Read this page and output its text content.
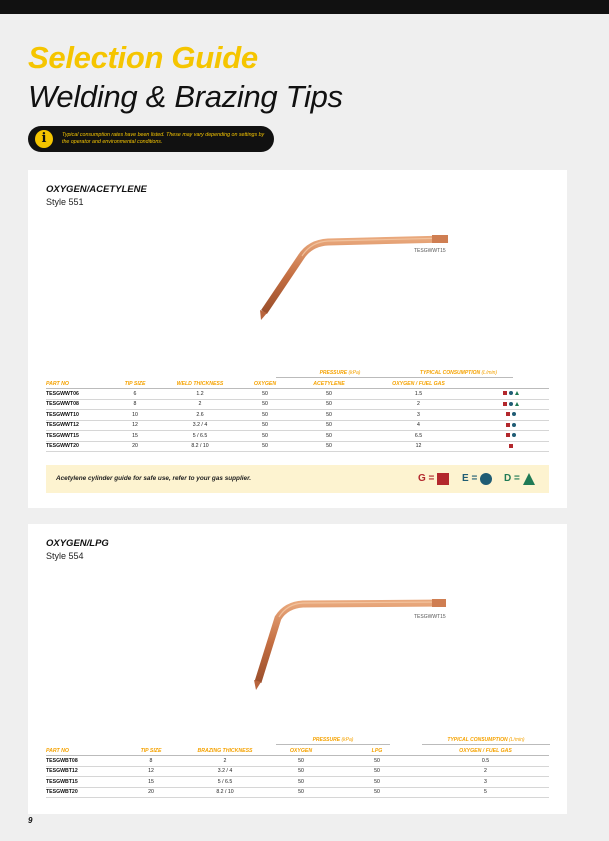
Selection Guide
Welding & Brazing Tips
i	Typical consumption rates have been listed. These may vary depending on settings by the operator and environmental conditions.
OXYGEN/ACETYLENE
Style 551
TESGWWT15
PRESSURE (kPa)	TYPICAL CONSUMPTION (L/min)
PART NO	TIP SIZE	WELD THICKNESS	OXYGEN	ACETYLENE	OXYGEN / FUEL GAS	
TESGWWT06	6	1.2	50	50	1.5	
TESGWWT08	8	2	50	50	2	
TESGWWT10	10	2.6	50	50	3	
TESGWWT12	12	3.2 / 4	50	50	4	
TESGWWT15	15	5 / 6.5	50	50	6.5	
TESGWWT20	20	8.2 / 10	50	50	12	
Acetylene cylinder guide for safe use, refer to your gas supplier.	G =	E =	D =
OXYGEN/LPG
Style 554
TESGWWT15
PRESSURE (kPa)	TYPICAL CONSUMPTION (L/min)
PART NO	TIP SIZE	BRAZING THICKNESS	OXYGEN	LPG	OXYGEN / FUEL GAS
TESGWBT08	8	2	50	50	0.5
TESGWBT12	12	3.2 / 4	50	50	2
TESGWBT15	15	5 / 6.5	50	50	3
TESGWBT20	20	8.2 / 10	50	50	5
9
